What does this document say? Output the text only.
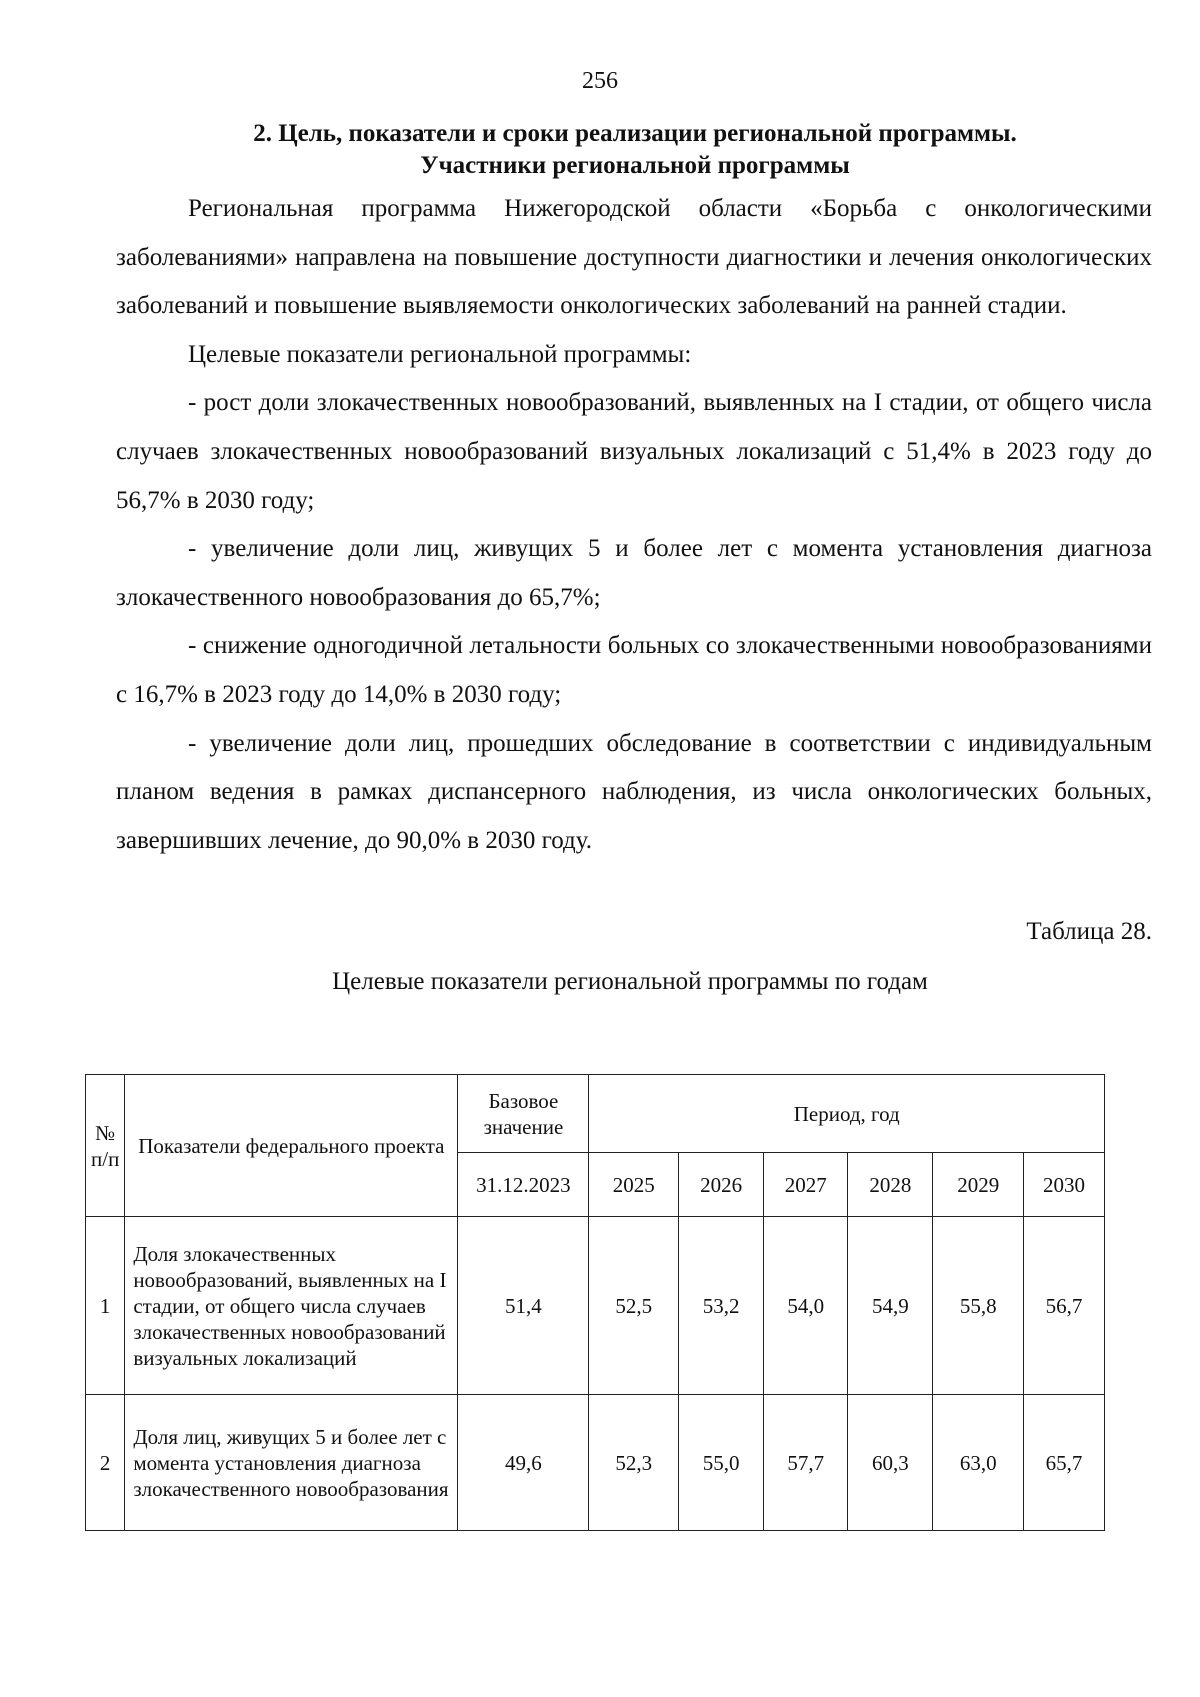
256
2. Цель, показатели и сроки реализации региональной программы.
Участники региональной программы

Региональная программа Нижегородской области «Борьба с онкологическими заболеваниями» направлена на повышение доступности диагностики и лечения онкологических заболеваний и повышение выявляемости онкологических заболеваний на ранней стадии.

Целевые показатели региональной программы:

- рост доли злокачественных новообразований, выявленных на I стадии, от общего числа случаев злокачественных новообразований визуальных локализаций с 51,4% в 2023 году до 56,7% в 2030 году;

- увеличение доли лиц, живущих 5 и более лет с момента установления диагноза злокачественного новообразования до 65,7%;

- снижение одногодичной летальности больных со злокачественными новообразованиями с 16,7% в 2023 году до 14,0% в 2030 году;

- увеличение доли лиц, прошедших обследование в соответствии с индивидуальным планом ведения в рамках диспансерного наблюдения, из числа онкологических больных, завершивших лечение, до 90,0% в 2030 году.

Таблица 28.
Целевые показатели региональной программы по годам
№ п/п	Показатели федерального проекта	Базовое значение	Период, год					
		31.12.2023	2025	2026	2027	2028	2029	2030
1	Доля злокачественных новообразований, выявленных на I стадии, от общего числа случаев злокачественных новообразований визуальных локализаций	51,4	52,5	53,2	54,0	54,9	55,8	56,7
2	Доля лиц, живущих 5 и более лет с момента установления диагноза злокачественного новообразования	49,6	52,3	55,0	57,7	60,3	63,0	65,7
